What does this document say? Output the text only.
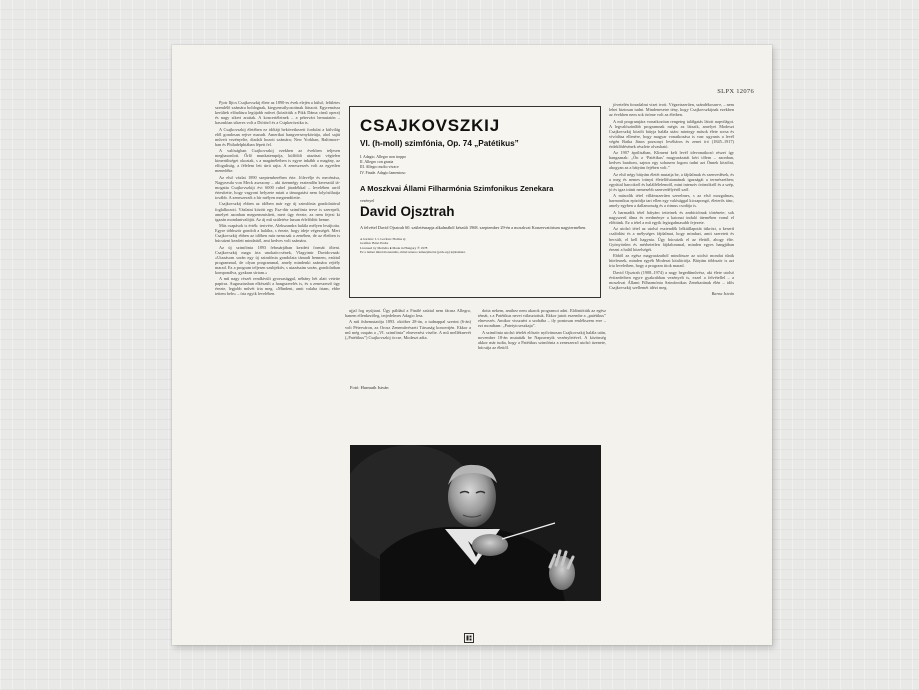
SLPX 12076

Pjotr Iljics Csajkovszkij élete az 1890-es évek elején a külső, felületes szemlélő számára boldognak, kiegyensúlyozottnak látszott. Egyremásra kerültek előadásra legújabb művei (közöttük a Pikk Dáma című opera) és nagy sikert arattak. A koncertéletnek – a pétervári bemutatón – hasonlóan sikeres volt a Diótörő és a Csipkerózsika is.

A Csajkovszkij életében ez időtájt bekövetkezett fordulat a külvilág elől gondosan rejtve maradt. Amerikai hangversenykörútja, ahol saját műveit vezényelte, diadalt hozott számára; New Yorkban, Baltimore-ban és Philadelphiában lépett fel.

A valóságban Csajkovszkij ezekben az években teljesen meghasonlott. Őrlő munkatempója, külföldi utazásai végtelen kimerültséget okoztak, s a magánéletben is egyre inkább a magány, az elfogultság, a félelem lett úrrá rajta. A zeneszerzés volt az egyetlen menedéke.

Az első vázlat 1890 szeptemberében érte. Jólevélje és mecénása, Nagyezsda von Meck aszszony – aki tizennégy esztendőn keresztül támogatta Csajkovszkijt évi 6000 rubel járadékkal – levelében arról értesítette, hogy vagyoni helyzete miatt a támogatást nem folyósíthatja tovább. A zeneszerzőt a hír mélyen megrendítette.

Csajkovszkij ebben az időben már egy új szimfónia gondolatával foglalkozott. Vázlatai között egy Esz-dúr szimfónia terve is szerepelt, amelyet azonban megsemmisített, mert úgy érezte, az nem fejezi ki igazán mondanivalóját. Az új mű születése lassan érlelődött benne.

Más csapások is érték: testvére, Alekszandra halála mélyen lesújtotta. Egyre többször gondolt a halálra, s érezte, hogy ideje végességét. Mert Csajkovszkij ebben az időben már nemcsak a zenében, de az életben is búcsúzni kezdett mindattól, ami kedves volt számára.

Az új szimfónia 1893 februárjában kezdett formát ölteni. Csajkovszkij maga írta unokaöccsének, Vlagyimir Davidovnak: »Utazásom során egy új szimfónia gondolata támadt bennem, ezúttal programmal, de olyan programmal, amely mindenki számára rejtély marad. Ez a program teljesen szubjektív, s utazásaim során, gondolatban komponálva, gyakran sírtam.«

A mű nagy részét rendkívüli gyorsasággal, néhány hét alatt vetette papírra. Augusztusban elkészült a hangszerelés is, és a zeneszerző úgy érezte, legjobb művét írta meg. »Mindent, amit valaha írtam, ebbe tettem bele« – írta egyik levelében.

CSAJKOVSZKIJ
VI. (h-moll) szimfónia, Op. 74 „Patétikus”
I. Adagio. Allegro non troppo
II. Allegro con grazia
III. Allegro molto vivace
IV. Finale. Adagio lamentoso
A Moszkvai Állami Filharmónia Szimfonikus Zenekara
vezényel
David Ojsztrah
A felvétel David Ojsztrah 60. születésnapja alkalmából készült 1968. szeptember 29-én a moszkvai Konzervatórium nagytermében.
A borítón: I. I. Levitan: Holdas éj
Grafika: Bánó Endre
Licensed by Melódia ● Made in Hungary ℗ 1978
Ez a lemez mind monauralis, mind sztereo lemezjátszón (pick-up) lejátszható.

ujjal fog nyújtani. Úgy páldául a Finálé szüttal nem fárasz Allegro, hanem ellenkezőleg, terjedelmes Adagio lesz.

A mű ősbemutatója 1893. október 28-án, a tudnappal szerint (6-án) volt Péterváron, az Orosz Zeneművészeti Társaság koncertjén. Ekkor a mű még csupán a „VI. szimfónia” elnevezést viselte. A mű melléknevét („Patétikus”) Csajkovszkij öccse, Modeszt adta.

dotta nekem, amihez nem akarok programot adni. Eldöntöttük az egész témát, s a Patétikus nevet választottuk. Ekkor jutott eszembe a „patétikus” elnevezés. Amikor visszaért a szobába – ily pontosan emlékszem erre – ezt mondtam: „Patetyicseszkaja”.

A szimfónia utolsó tételét először nyilvánosan Csajkovszkij halála után, november 18-án mutatták be Napravnyik vezényletével. A közönség akkor már tudta, hogy a Patétikus szimfónia a zeneszerző utolsó üzenete, búcsúja az élettől.

Fotó: Harmath István

jövetelén forradalmi vizet ivott. Végzetszerűen, szándékosan-e, – nem lehet biztosan tudni. Mindenesetre tény, hogy Csajkovszkijnak ezekben az években nem sok öröme volt az életben.

A mű programjára vonatkozóan rengeteg találgatás látott napvilágot. A legvalószínűbb programnak mégis az látszik, amelyet Modeszt Csajkovszkij közölt bátyja halála után: mintegy mások élete sorsa és vívódása ellenére, hogy magyar vonatkozása is van: ugyanis a levél végén Batka János pozsonyi levéltáros és zenei író (1845–1917) érdeklődésének részlete olvasható.

Az 1907 áprilisában, Kliment kelt levél idevonatkozó részei így hangzanak: „Ön a ‘Patétikus’ magyarázatát kéri tőlem – azonban, kedves barátom, sajnos egy sohasem fogom tudni azt Önnek közölni, ahogyan az a bátyám fejében volt.”

Az első négy bátyám életét mutatja be, a fájdalmak és szenvedések, és a meg és nemes irányú életelőfutamának igazságát a természetben; egyúttal harcokról és halálfélelemről, mint intenzív örömökről és a szép, jó és igaz iránti nemesebb szenvedélyéről szól.

A második tétel villámszerűen szerelmes, s az első mozgalmas, harmonikus epizódja tart ellen egy valósággal kicsapongó, életerős tánc, amely egyben a dallamosság és a ritmus csodája is.

A harmadik tétel bátyám tetteinek és ambícióinak története; sok nagyszerű álma és eredménye a katonai induló ütemében vonul el előttünk. Ez a tétel a mű egyik legizgalmasabb fejezete.

Az utolsó tétel az utolsó esztendők lelkiállapotát tükrözi, a keserű csalódást és a mélységes fájdalmat, hogy mindazt, amit szeretett és becsült, el kell hagynia. Úgy búcsúzik el az élettől, ahogy élte. Gyönyörűen és mérhetetlen fájdalommal, minden egyes hangjában érezni a halál közelségét.

Ebből az egész magyarázatból mindössze az utolsó mondat tűnik hitelesnek, minden egyéb Modeszt kitalációja. Bátyám többször is azt írta leveleiben, hogy a program titok marad.

David Ojsztrah (1908–1974) a nagy hegedűművész, aki élete utolsó évtizedeiben egyre gyakrabban vezényelt is, ezzel a felvétellel – a moszkvai Állami Filharmónia Szimfonikus Zenekarának élén – idős Csajkovszkij szellemét idézi meg.

Barna István
